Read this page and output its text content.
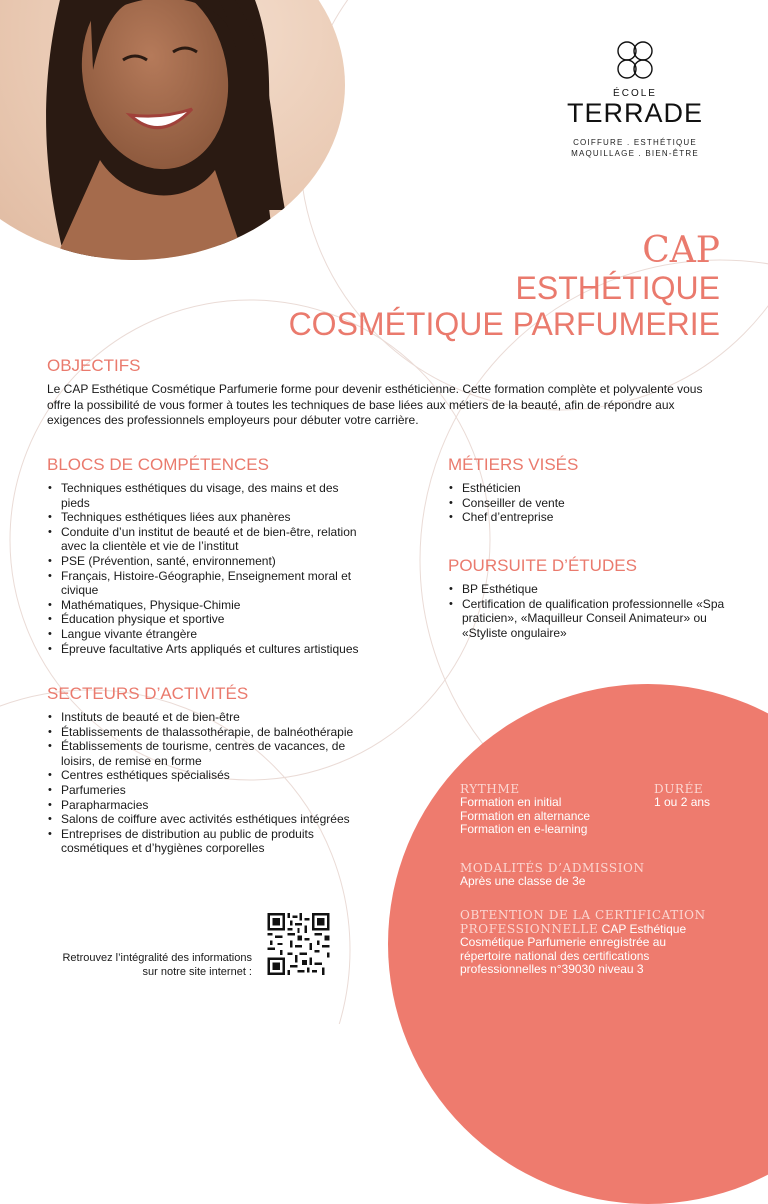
ÉCOLE
TERRADE
COIFFURE . ESTHÉTIQUE
MAQUILLAGE . BIEN-ÊTRE
CAP
ESTHÉTIQUE
COSMÉTIQUE PARFUMERIE
OBJECTIFS

Le CAP Esthétique Cosmétique Parfumerie forme pour devenir esthéticienne. Cette formation complète et polyvalente vous offre la possibilité de vous former à toutes les techniques de base liées aux métiers de la beauté, afin de répondre aux exigences des professionnels employeurs pour débuter votre carrière.

BLOCS DE COMPÉTENCES
• Techniques esthétiques du visage, des mains et des pieds
• Techniques esthétiques liées aux phanères
• Conduite d’un institut de beauté et de bien-être, relation avec la clientèle et vie de l’institut
• PSE (Prévention, santé, environnement)
• Français, Histoire-Géographie, Enseignement moral et civique
• Mathématiques, Physique-Chimie
• Éducation physique et sportive
• Langue vivante étrangère
• Épreuve facultative Arts appliqués et cultures artistiques
SECTEURS D’ACTIVITÉS
• Instituts de beauté et de bien-être
• Établissements de thalassothérapie, de balnéothérapie
• Établissements de tourisme, centres de vacances, de loisirs, de remise en forme
• Centres esthétiques spécialisés
• Parfumeries
• Parapharmacies
• Salons de coiffure avec activités esthétiques intégrées
• Entreprises de distribution au public de produits cosmétiques et d’hygiènes corporelles
MÉTIERS VISÉS
• Esthéticien
• Conseiller de vente
• Chef d’entreprise
POURSUITE D’ÉTUDES
• BP Esthétique
• Certification de qualification professionnelle «Spa praticien», «Maquilleur Conseil Animateur» ou «Styliste ongulaire»
RYTHME
Formation en initial
Formation en alternance
Formation en e-learning
DURÉE
1 ou 2 ans
MODALITÉS D’ADMISSION
Après une classe de 3e
OBTENTION DE LA CERTIFICATION PROFESSIONNELLE CAP Esthétique Cosmétique Parfumerie enregistrée au répertoire national des certifications professionnelles n°39030 niveau 3
Retrouvez l’intégralité des informations sur notre site internet :
